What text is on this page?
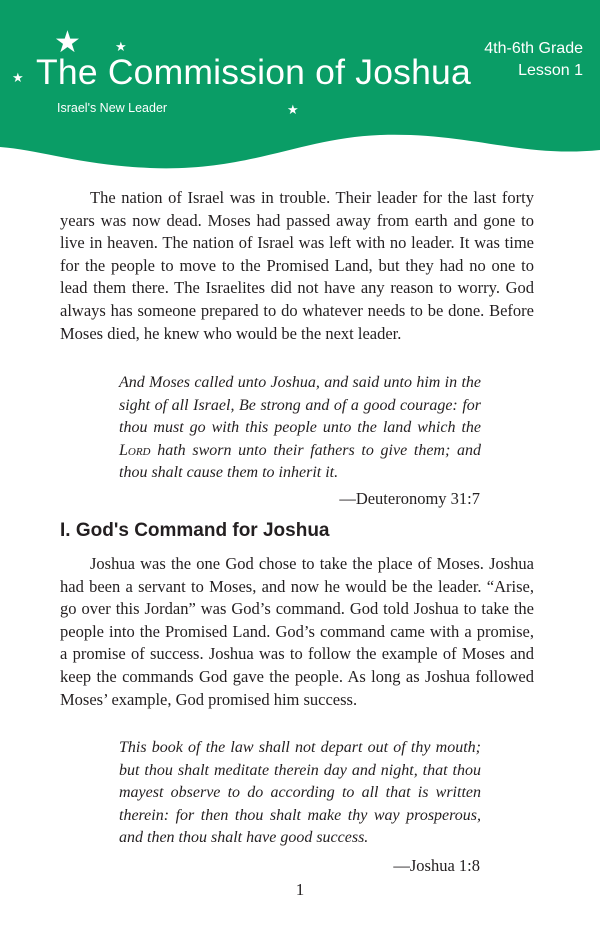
★	★
★
★
The Commission of Joshua
Israel's New Leader
4th-6th Grade
Lesson 1

The nation of Israel was in trouble. Their leader for the last forty years was now dead. Moses had passed away from earth and gone to live in heaven. The nation of Israel was left with no leader. It was time for the people to move to the Promised Land, but they had no one to lead them there. The Israelites did not have any reason to worry. God always has someone prepared to do whatever needs to be done. Before Moses died, he knew who would be the next leader.

And Moses called unto Joshua, and said unto him in the sight of all Israel, Be strong and of a good courage: for thou must go with this people unto the land which the Lord hath sworn unto their fathers to give them; and thou shalt cause them to inherit it.

—Deuteronomy 31:7
I. God's Command for Joshua

Joshua was the one God chose to take the place of Moses. Joshua had been a servant to Moses, and now he would be the leader. “Arise, go over this Jordan” was God’s command. God told Joshua to take the people into the Promised Land. God’s command came with a promise, a promise of success. Joshua was to follow the example of Moses and keep the commands God gave the people. As long as Joshua followed Moses’ example, God promised him success.

This book of the law shall not depart out of thy mouth; but thou shalt meditate therein day and night, that thou mayest observe to do according to all that is written therein: for then thou shalt make thy way prosperous, and then thou shalt have good success.

—Joshua 1:8
1
